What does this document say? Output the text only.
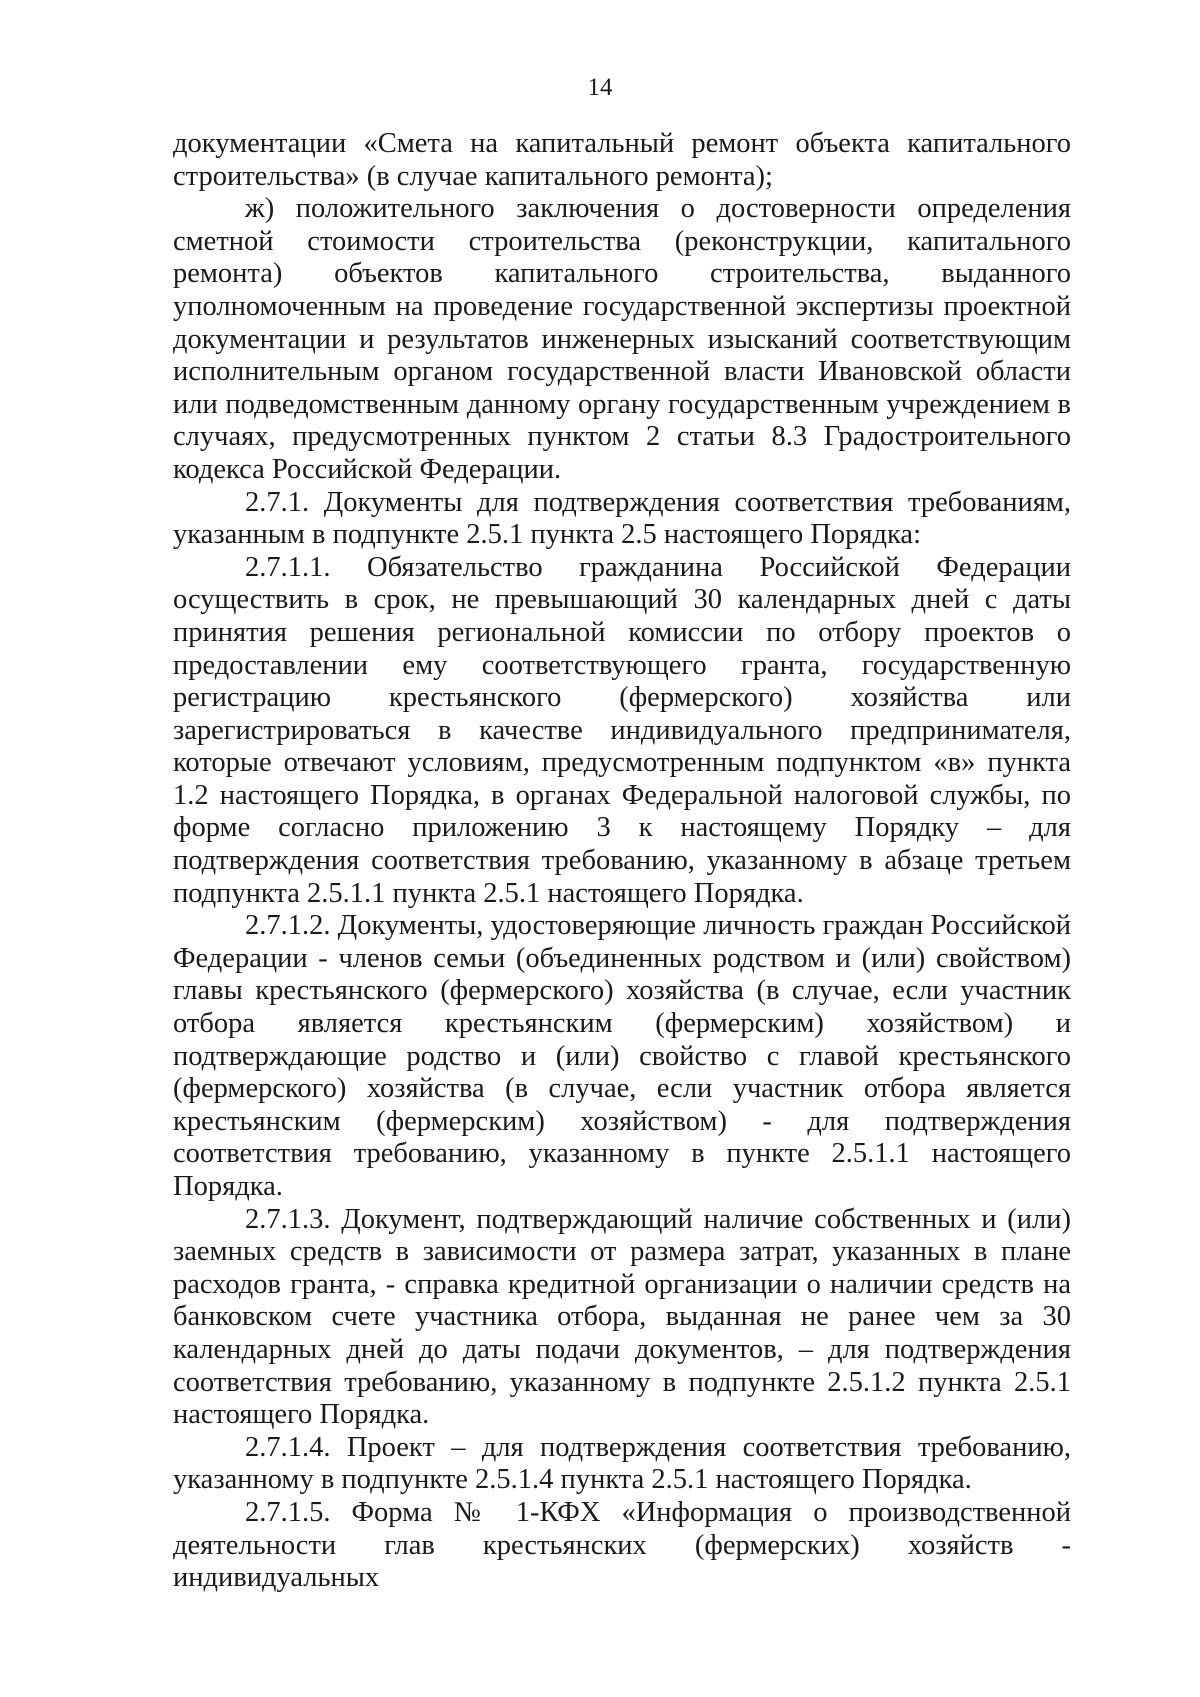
14

документации «Смета на капитальный ремонт объекта капитального строительства» (в случае капитального ремонта);

ж) положительного заключения о достоверности определения сметной стоимости строительства (реконструкции, капитального ремонта) объектов капитального строительства, выданного уполномоченным на проведение государственной экспертизы проектной документации и результатов инженерных изысканий соответствующим исполнительным органом государственной власти Ивановской области или подведомственным данному органу государственным учреждением в случаях, предусмотренных пунктом 2 статьи 8.3 Градостроительного кодекса Российской Федерации.

2.7.1. Документы для подтверждения соответствия требованиям, указанным в подпункте 2.5.1 пункта 2.5 настоящего Порядка:

2.7.1.1. Обязательство гражданина Российской Федерации осуществить в срок, не превышающий 30 календарных дней с даты принятия решения региональной комиссии по отбору проектов о предоставлении ему соответствующего гранта, государственную регистрацию крестьянского (фермерского) хозяйства или зарегистрироваться в качестве индивидуального предпринимателя, которые отвечают условиям, предусмотренным подпунктом «в» пункта 1.2 настоящего Порядка, в органах Федеральной налоговой службы, по форме согласно приложению 3 к настоящему Порядку – для подтверждения соответствия требованию, указанному в абзаце третьем подпункта 2.5.1.1 пункта 2.5.1 настоящего Порядка.

2.7.1.2. Документы, удостоверяющие личность граждан Российской Федерации - членов семьи (объединенных родством и (или) свойством) главы крестьянского (фермерского) хозяйства (в случае, если участник отбора является крестьянским (фермерским) хозяйством) и подтверждающие родство и (или) свойство с главой крестьянского (фермерского) хозяйства (в случае, если участник отбора является крестьянским (фермерским) хозяйством) - для подтверждения соответствия требованию, указанному в пункте 2.5.1.1 настоящего Порядка.

2.7.1.3. Документ, подтверждающий наличие собственных и (или) заемных средств в зависимости от размера затрат, указанных в плане расходов гранта, - справка кредитной организации о наличии средств на банковском счете участника отбора, выданная не ранее чем за 30 календарных дней до даты подачи документов, – для подтверждения соответствия требованию, указанному в подпункте 2.5.1.2 пункта 2.5.1 настоящего Порядка.

2.7.1.4. Проект – для подтверждения соответствия требованию, указанному в подпункте 2.5.1.4 пункта 2.5.1 настоящего Порядка.

2.7.1.5. Форма № 1-КФХ «Информация о производственной деятельности глав крестьянских (фермерских) хозяйств - индивидуальных
